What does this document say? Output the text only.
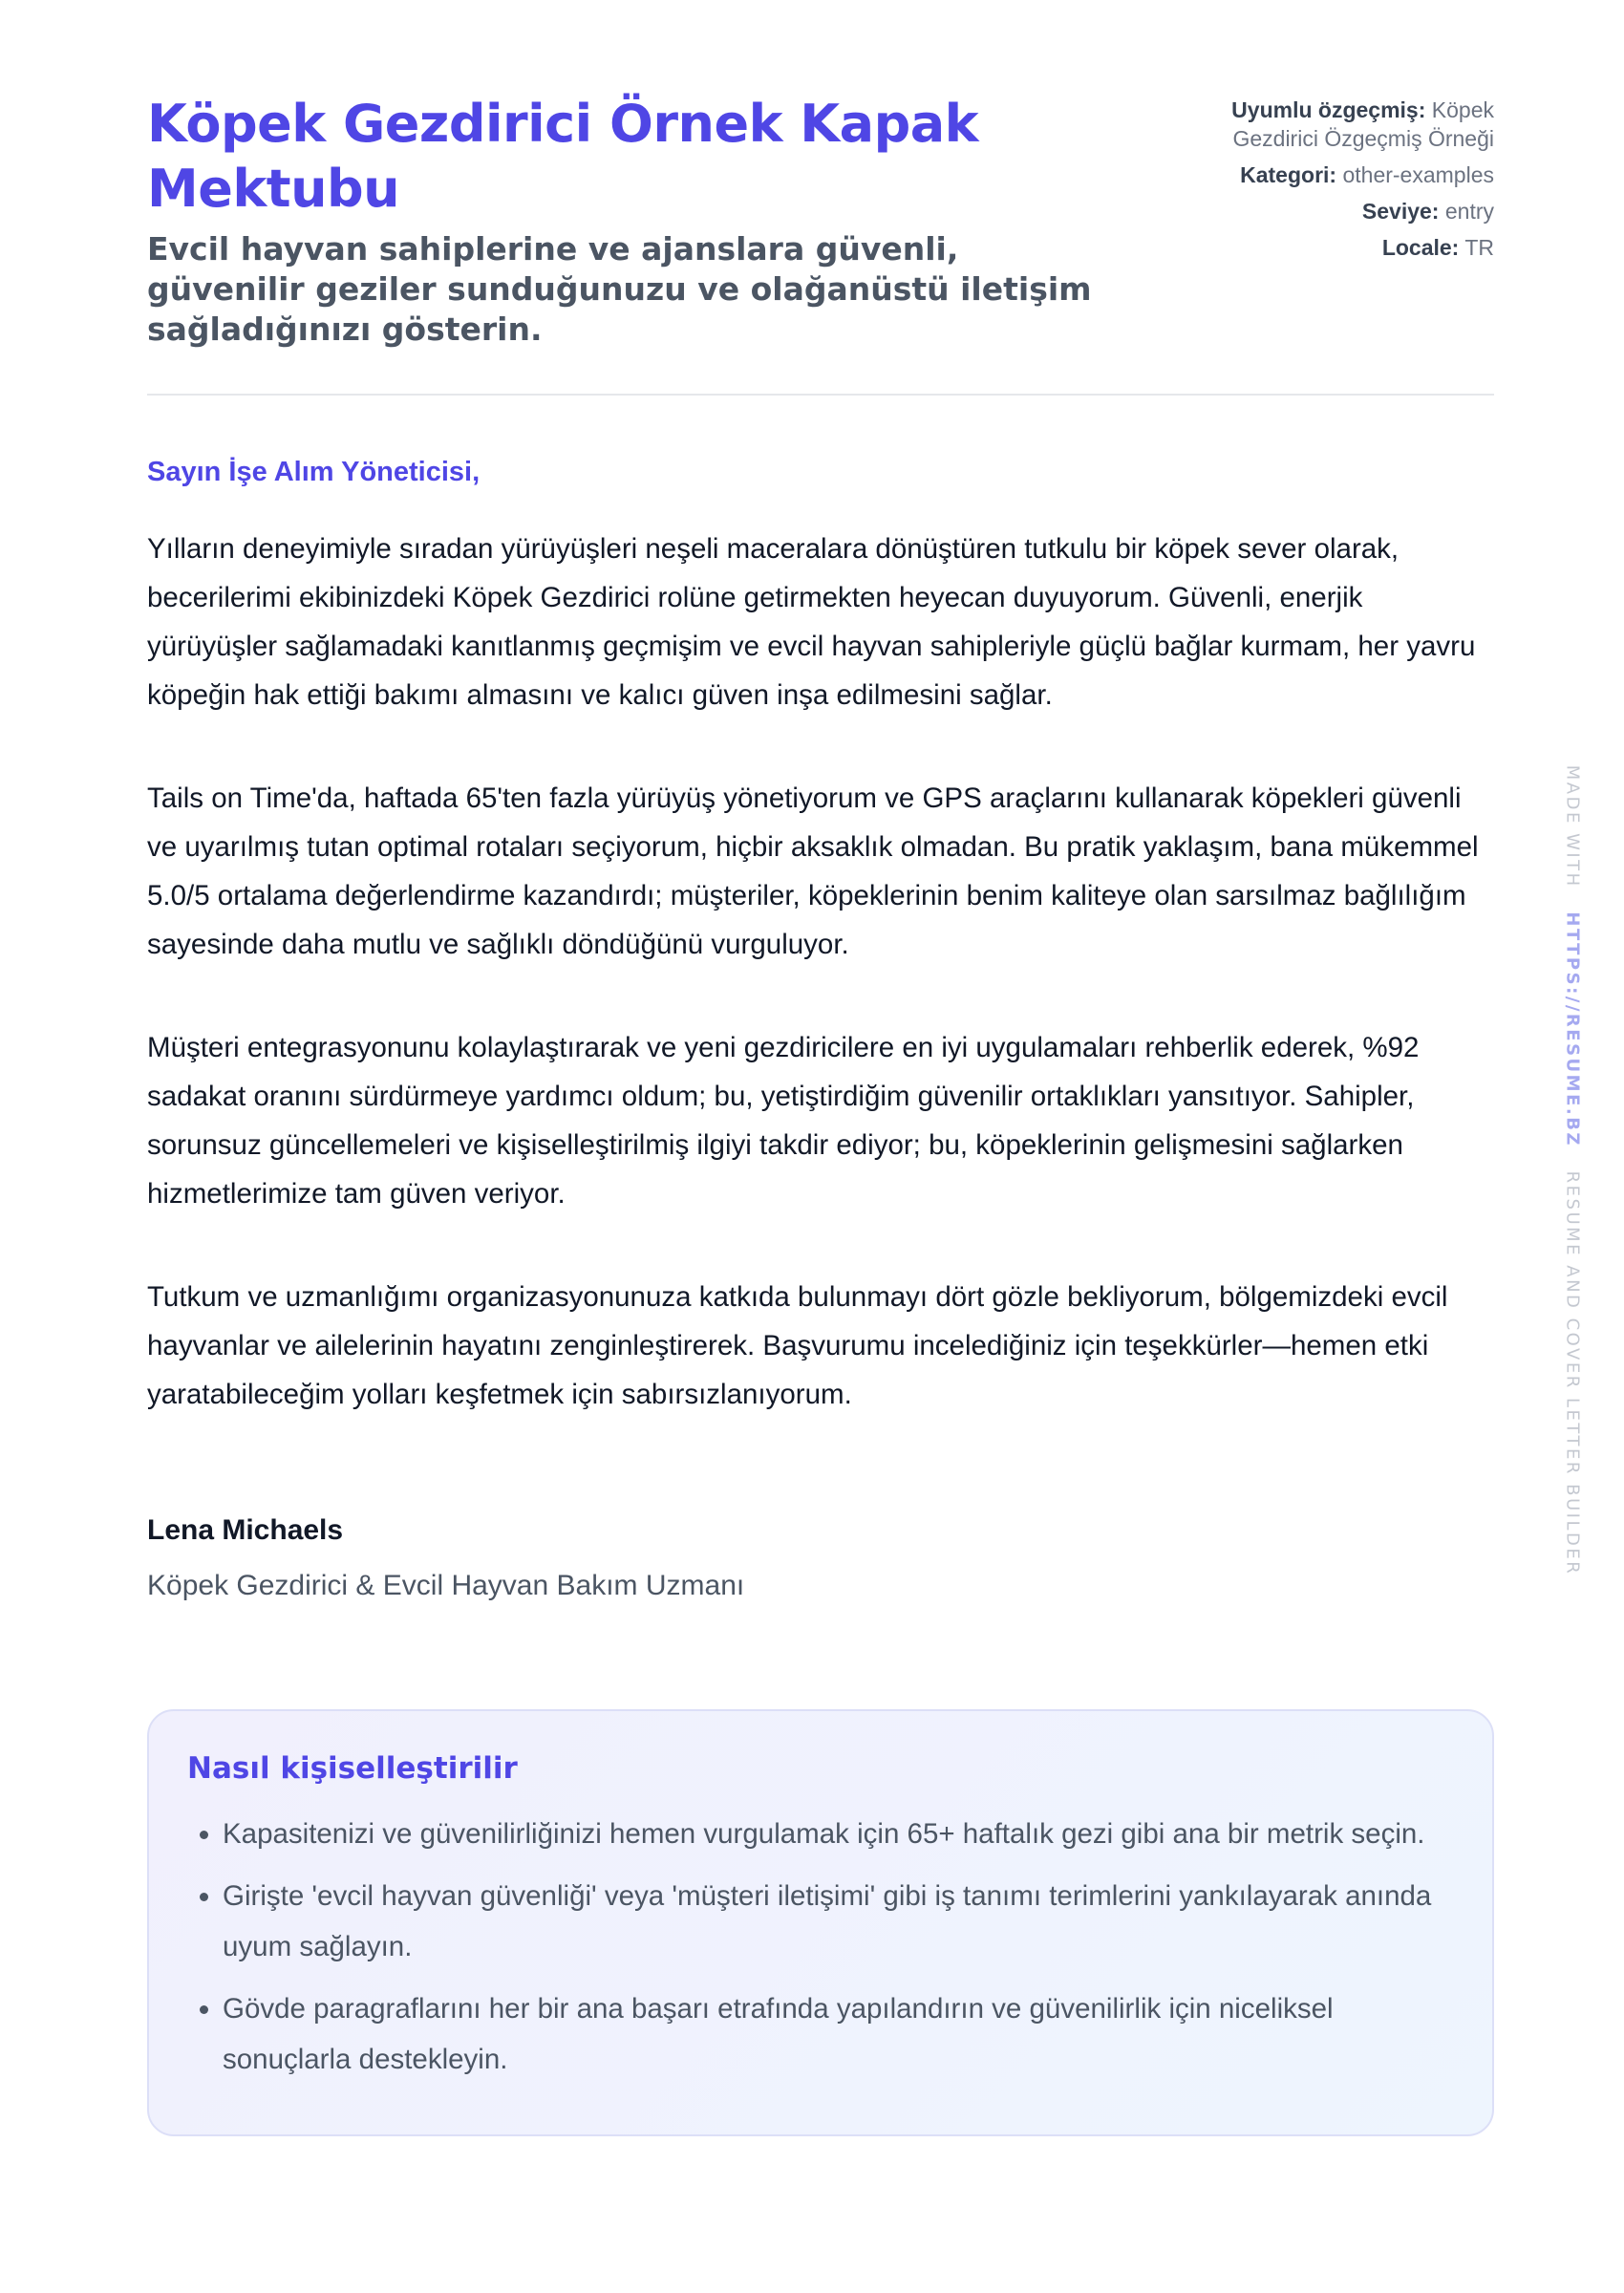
Köpek Gezdirici Örnek Kapak Mektubu

Evcil hayvan sahiplerine ve ajanslara güvenli, güvenilir geziler sunduğunuzu ve olağanüstü iletişim sağladığınızı gösterin.

Uyumlu özgeçmiş: Köpek Gezdirici Özgeçmiş Örneği
Kategori: other-examples
Seviye: entry
Locale: TR
Sayın İşe Alım Yöneticisi,

Yılların deneyimiyle sıradan yürüyüşleri neşeli maceralara dönüştüren tutkulu bir köpek sever olarak, becerilerimi ekibinizdeki Köpek Gezdirici rolüne getirmekten heyecan duyuyorum. Güvenli, enerjik yürüyüşler sağlamadaki kanıtlanmış geçmişim ve evcil hayvan sahipleriyle güçlü bağlar kurmam, her yavru köpeğin hak ettiği bakımı almasını ve kalıcı güven inşa edilmesini sağlar.

Tails on Time'da, haftada 65'ten fazla yürüyüş yönetiyorum ve GPS araçlarını kullanarak köpekleri güvenli ve uyarılmış tutan optimal rotaları seçiyorum, hiçbir aksaklık olmadan. Bu pratik yaklaşım, bana mükemmel 5.0/5 ortalama değerlendirme kazandırdı; müşteriler, köpeklerinin benim kaliteye olan sarsılmaz bağlılığım sayesinde daha mutlu ve sağlıklı döndüğünü vurguluyor.

Müşteri entegrasyonunu kolaylaştırarak ve yeni gezdiricilere en iyi uygulamaları rehberlik ederek, %92 sadakat oranını sürdürmeye yardımcı oldum; bu, yetiştirdiğim güvenilir ortaklıkları yansıtıyor. Sahipler, sorunsuz güncellemeleri ve kişiselleştirilmiş ilgiyi takdir ediyor; bu, köpeklerinin gelişmesini sağlarken hizmetlerimize tam güven veriyor.

Tutkum ve uzmanlığımı organizasyonunuza katkıda bulunmayı dört gözle bekliyorum, bölgemizdeki evcil hayvanlar ve ailelerinin hayatını zenginleştirerek. Başvurumu incelediğiniz için teşekkürler—hemen etki yaratabileceğim yolları keşfetmek için sabırsızlanıyorum.

Lena Michaels
Köpek Gezdirici & Evcil Hayvan Bakım Uzmanı
Nasıl kişiselleştirilir
• Kapasitenizi ve güvenilirliğinizi hemen vurgulamak için 65+ haftalık gezi gibi ana bir metrik seçin.
• Girişte 'evcil hayvan güvenliği' veya 'müşteri iletişimi' gibi iş tanımı terimlerini yankılayarak anında uyum sağlayın.
• Gövde paragraflarını her bir ana başarı etrafında yapılandırın ve güvenilirlik için niceliksel sonuçlarla destekleyin.
MADE WITH   HTTPS://RESUME.BZ   RESUME AND COVER LETTER BUILDER
